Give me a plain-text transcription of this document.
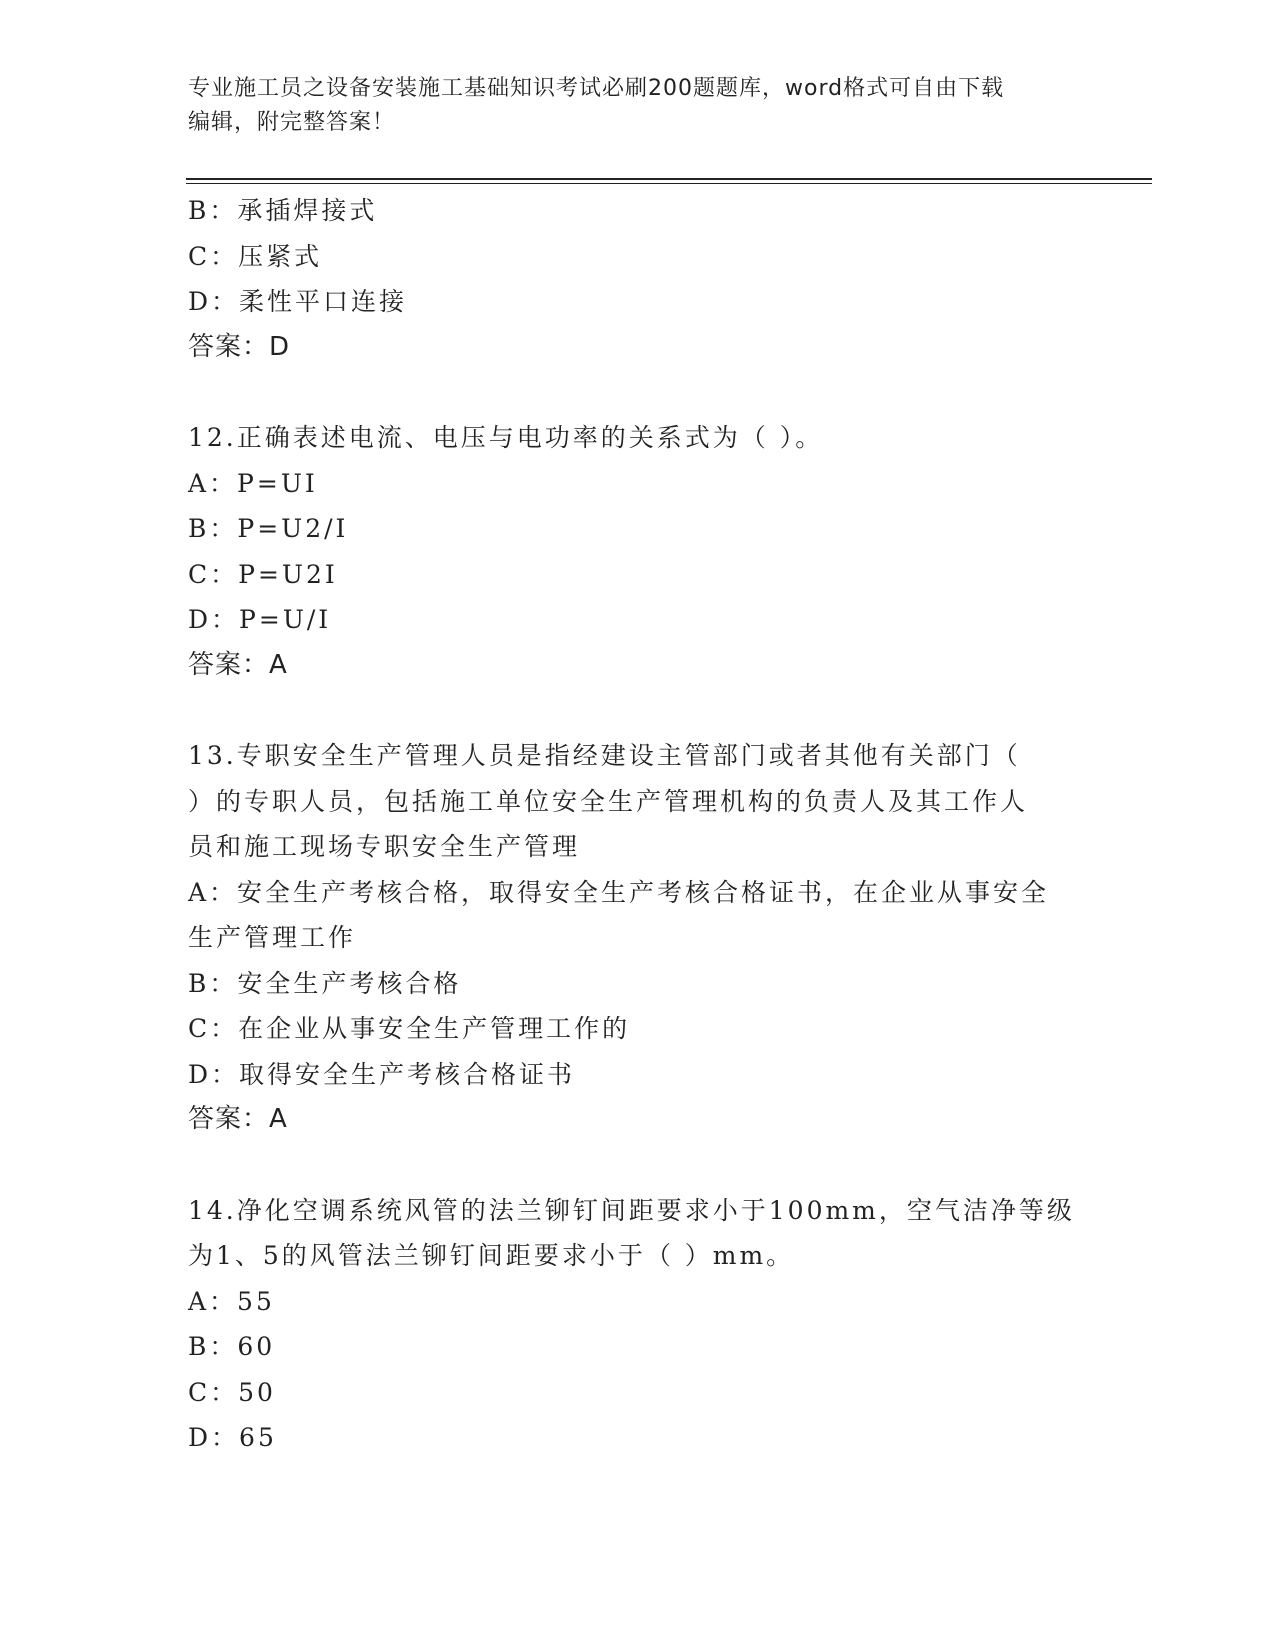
专业施工员之设备安装施工基础知识考试必刷200题题库，word格式可自由下载
编辑，附完整答案！
B：承插焊接式
C：压紧式
D：柔性平口连接
答案：D
12.正确表述电流、电压与电功率的关系式为（ ）。
A：P=UI
B：P=U2/I
C：P=U2I
D：P=U/I
答案：A
13.专职安全生产管理人员是指经建设主管部门或者其他有关部门（
）的专职人员，包括施工单位安全生产管理机构的负责人及其工作人
员和施工现场专职安全生产管理
A：安全生产考核合格，取得安全生产考核合格证书，在企业从事安全
生产管理工作
B：安全生产考核合格
C：在企业从事安全生产管理工作的
D：取得安全生产考核合格证书
答案：A
14.净化空调系统风管的法兰铆钉间距要求小于100mm，空气洁净等级
为1、5的风管法兰铆钉间距要求小于（ ）mm。
A：55
B：60
C：50
D：65
